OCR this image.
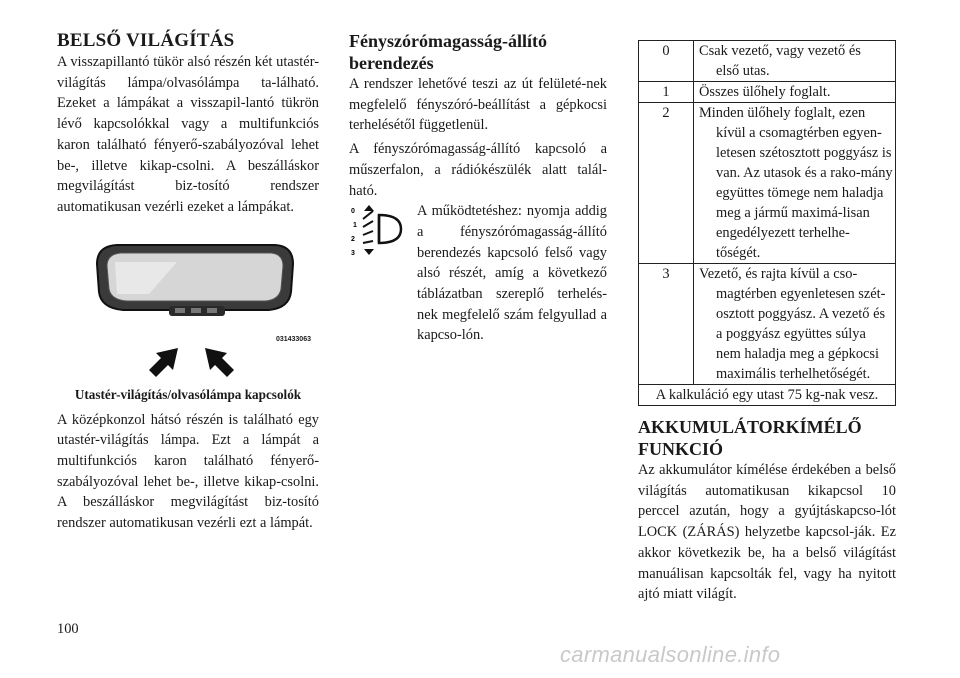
BELSŐ VILÁGÍTÁS

A visszapillantó tükör alsó részén két utastér-világítás lámpa/olvasólámpa ta-lálható. Ezeket a lámpákat a visszapil-lantó tükrön lévő kapcsolókkal vagy a multifunkciós karon található fényerő-szabályozóval lehet be-, illetve kikap-csolni. A beszálláskor megvilágítást biz-tosító rendszer automatikusan vezérli ezeket a lámpákat.

031433063
Utastér-világítás/olvasólámpa kapcsolók

A középkonzol hátsó részén is található egy utastér-világítás lámpa. Ezt a lámpát a multifunkciós karon található fényerő-szabályozóval lehet be-, illetve kikap-csolni. A beszálláskor megvilágítást biz-tosító rendszer automatikusan vezérli ezt a lámpát.

Fényszórómagasság-állító berendezés

A rendszer lehetővé teszi az út felületé-nek megfelelő fényszóró-beállítást a gépkocsi terhelésétől függetlenül.

A fényszórómagasság-állító kapcsoló a műszerfalon, a rádiókészülék alatt talál-ható.

0
1
2
3

A működtetéshez: nyomja addig a fényszórómagasság-állító berendezés kapcsoló felső vagy alsó részét, amíg a következő táblázatban szereplő terhelés-nek megfelelő szám felgyullad a kapcso-lón.

0	Csak vezető, vagy vezető és
első utas.

1	Összes ülőhely foglalt.

2	Minden ülőhely foglalt, ezen
kívül a csomagtérben egyen-letesen szétosztott poggyász is van. Az utasok és a rako-mány együttes tömege nem haladja meg a jármű maximá-lisan engedélyezett terhelhe-tőségét.

3	Vezető, és rajta kívül a cso-
magtérben egyenletesen szét-osztott poggyász. A vezető és a poggyász együttes súlya nem haladja meg a gépkocsi maximális terhelhetőségét.

A kalkuláció egy utast 75 kg-nak vesz.	
AKKUMULÁTORKÍMÉLŐ FUNKCIÓ

Az akkumulátor kímélése érdekében a belső világítás automatikusan kikapcsol 10 perccel azután, hogy a gyújtáskapcso-lót LOCK (ZÁRÁS) helyzetbe kapcsol-ják. Ez akkor következik be, ha a belső világítást manuálisan kapcsolták fel, vagy ha nyitott ajtó miatt világít.

100
carmanualsonline.info
